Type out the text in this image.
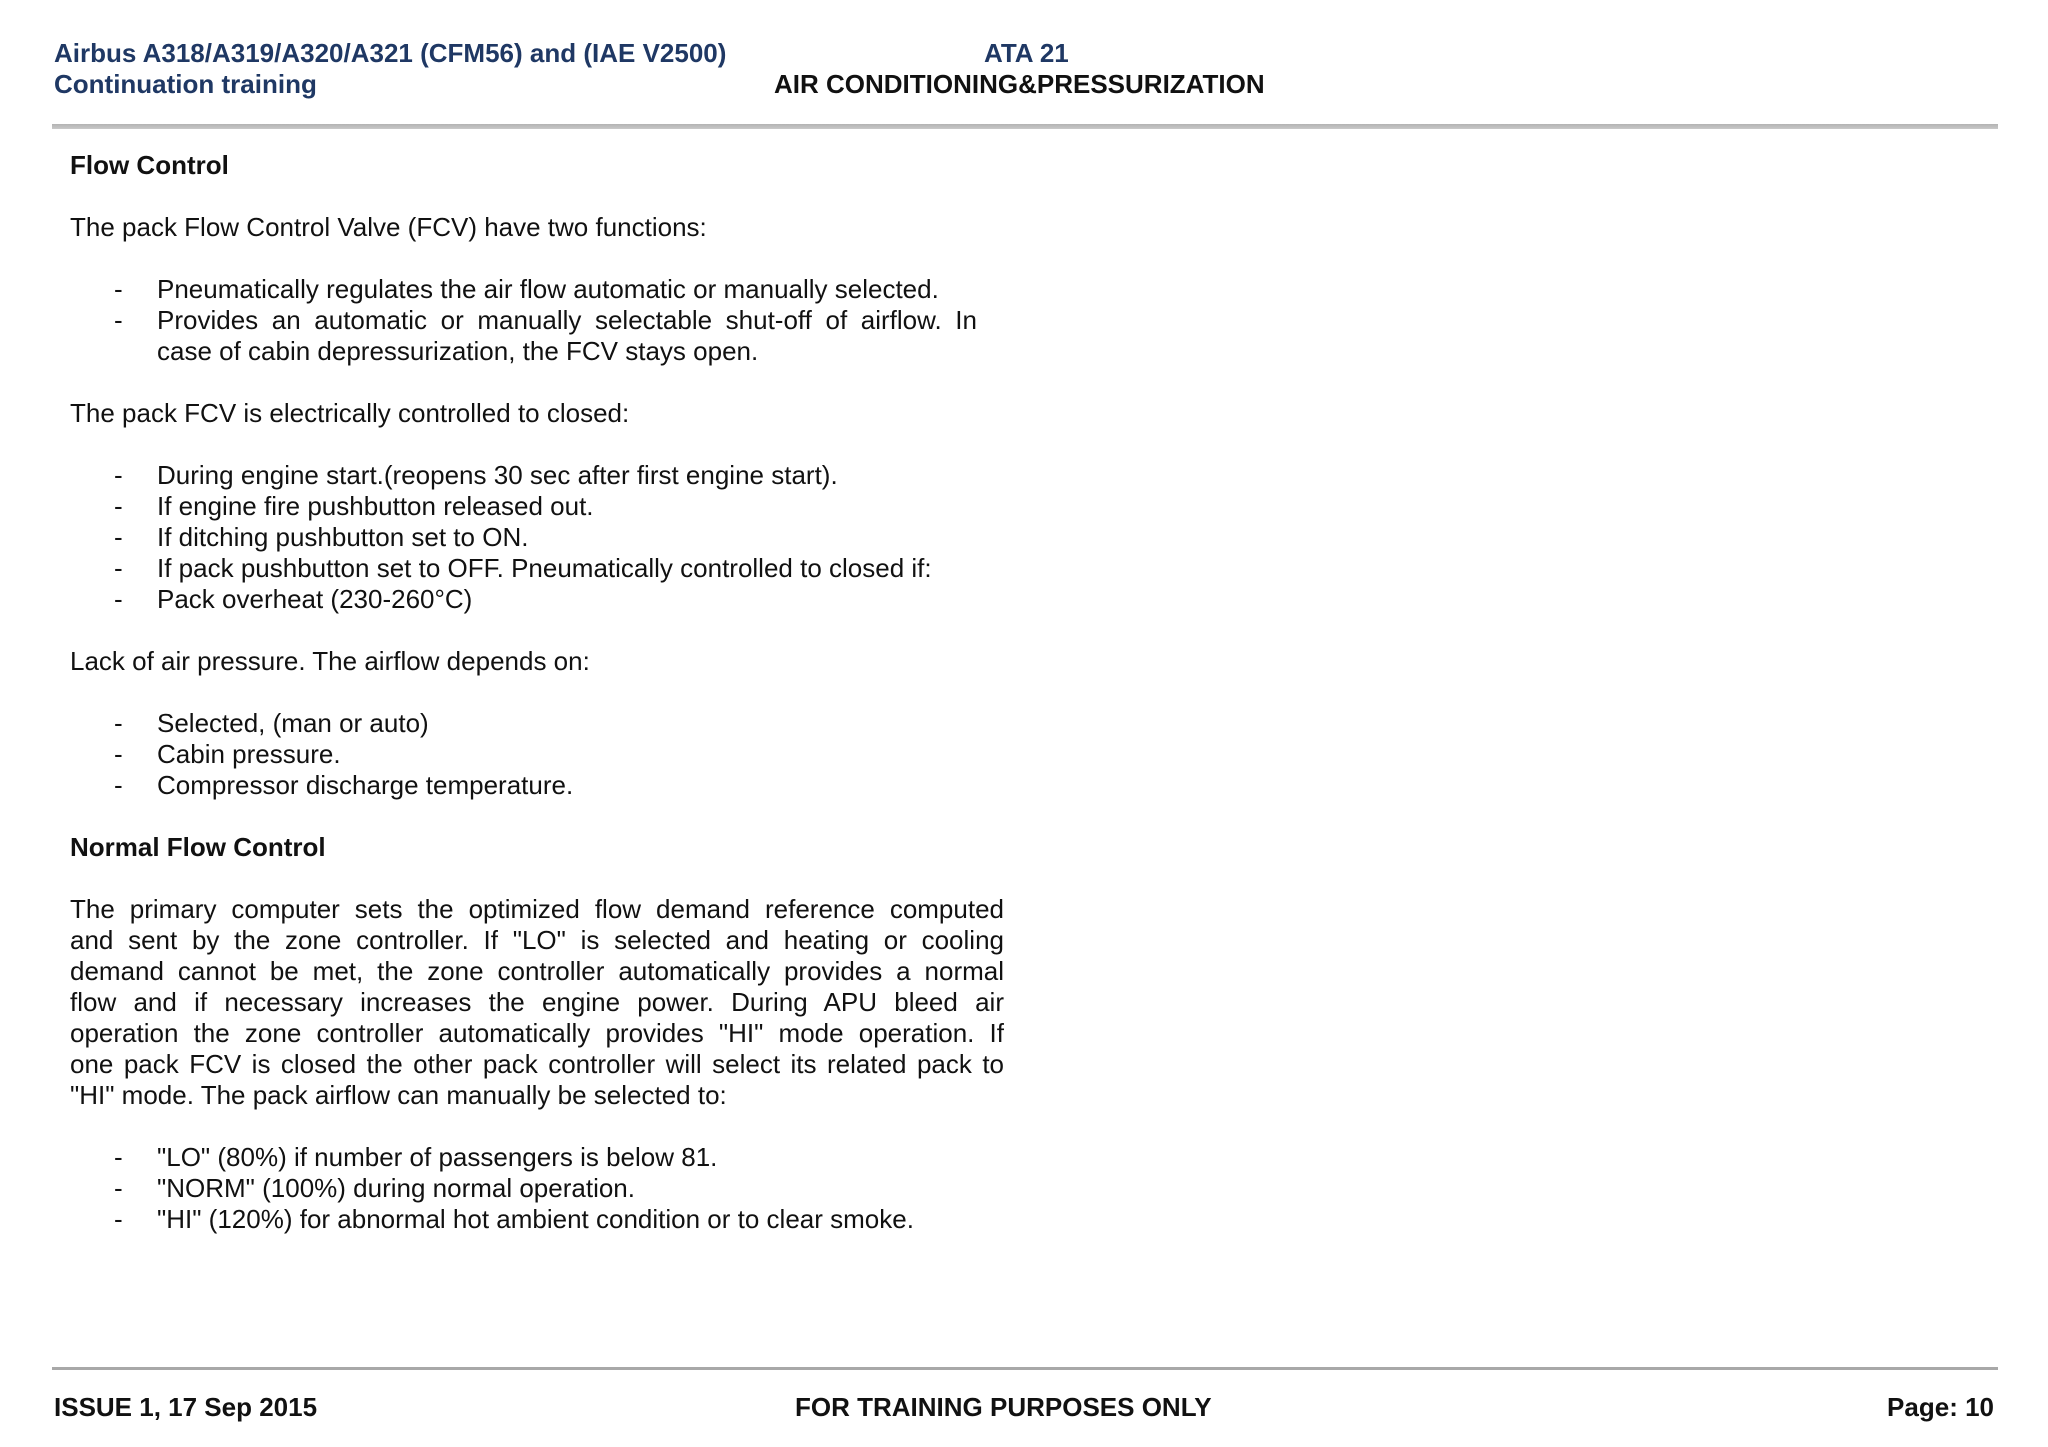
Airbus A318/A319/A320/A321 (CFM56) and (IAE V2500)
Continuation training
ATA 21
AIR CONDITIONING&PRESSURIZATION
Flow Control
The pack Flow Control Valve (FCV) have two functions:
- Pneumatically regulates the air flow automatic or manually selected.
- Provides an automatic or manually selectable shut-off of airflow. In
case of cabin depressurization, the FCV stays open.
The pack FCV is electrically controlled to closed:
- During engine start.(reopens 30 sec after first engine start).
- If engine fire pushbutton released out.
- If ditching pushbutton set to ON.
- If pack pushbutton set to OFF. Pneumatically controlled to closed if:
- Pack overheat (230-260°C)
Lack of air pressure. The airflow depends on:
- Selected, (man or auto)
- Cabin pressure.
- Compressor discharge temperature.
Normal Flow Control
The primary computer sets the optimized flow demand reference computed
and sent by the zone controller. If "LO" is selected and heating or cooling
demand cannot be met, the zone controller automatically provides a normal
flow and if necessary increases the engine power. During APU bleed air
operation the zone controller automatically provides "HI" mode operation. If
one pack FCV is closed the other pack controller will select its related pack to
"HI" mode. The pack airflow can manually be selected to:
- "LO" (80%) if number of passengers is below 81.
- "NORM" (100%) during normal operation.
- "HI" (120%) for abnormal hot ambient condition or to clear smoke.
ISSUE 1, 17 Sep 2015	FOR TRAINING PURPOSES ONLY	Page: 10
